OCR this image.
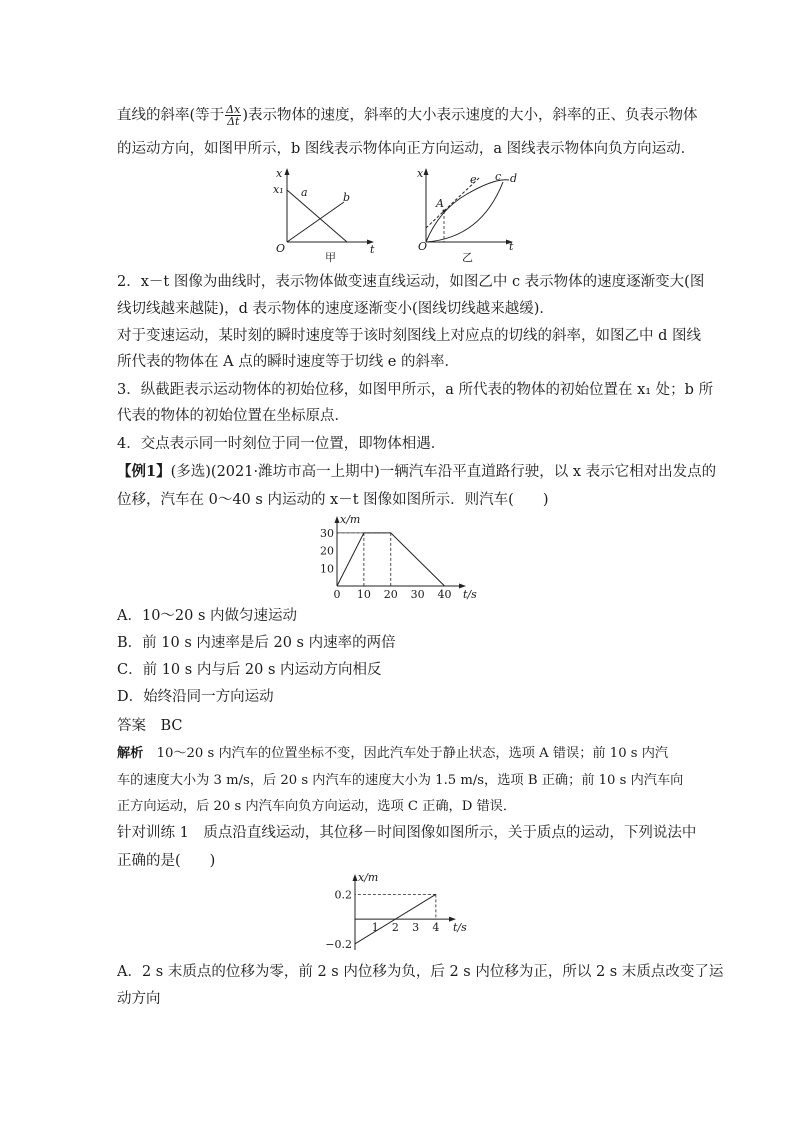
直线的斜率(等于 $\frac{\Delta x}{\Delta t}$ )表示物体的速度，斜率的大小表示速度的大小，斜率的正、负表示物体
的运动方向，如图甲所示，b 图线表示物体向正方向运动，a 图线表示物体向负方向运动．
x
x₁ a	b
O	t
甲
x
A
e c d
O	t
乙
2．x－t 图像为曲线时，表示物体做变速直线运动，如图乙中 c 表示物体的速度逐渐变大(图
线切线越来越陡)，d 表示物体的速度逐渐变小(图线切线越来越缓)．
对于变速运动，某时刻的瞬时速度等于该时刻图线上对应点的切线的斜率，如图乙中 d 图线
所代表的物体在 A 点的瞬时速度等于切线 e 的斜率．
3．纵截距表示运动物体的初始位移，如图甲所示，a 所代表的物体的初始位置在 x₁ 处；b 所
代表的物体的初始位置在坐标原点．
4．交点表示同一时刻位于同一位置，即物体相遇．
【例1】(多选)(2021·潍坊市高一上期中)一辆汽车沿平直道路行驶，以 x 表示它相对出发点的
位移，汽车在 0～40 s 内运动的 x－t 图像如图所示．则汽车(　　)
x/m
t/s
0 10 20 30 40
10
20
30
A．10～20 s 内做匀速运动
B．前 10 s 内速率是后 20 s 内速率的两倍
C．前 10 s 内与后 20 s 内运动方向相反
D．始终沿同一方向运动
答案　 BC
解析　 10～20 s 内汽车的位置坐标不变，因此汽车处于静止状态，选项 A 错误；前 10 s 内汽
车的速度大小为 3 m/s，后 20 s 内汽车的速度大小为 1.5 m/s，选项 B 正确；前 10 s 内汽车向
正方向运动，后 20 s 内汽车向负方向运动，选项 C 正确，D 错误．
针对训练 1　质点沿直线运动，其位移－时间图像如图所示，关于质点的运动，下列说法中
正确的是(　　)
x/m
t/s
1 2 3 4
0.2
−0.2
A．2 s 末质点的位移为零，前 2 s 内位移为负，后 2 s 内位移为正，所以 2 s 末质点改变了运
动方向
